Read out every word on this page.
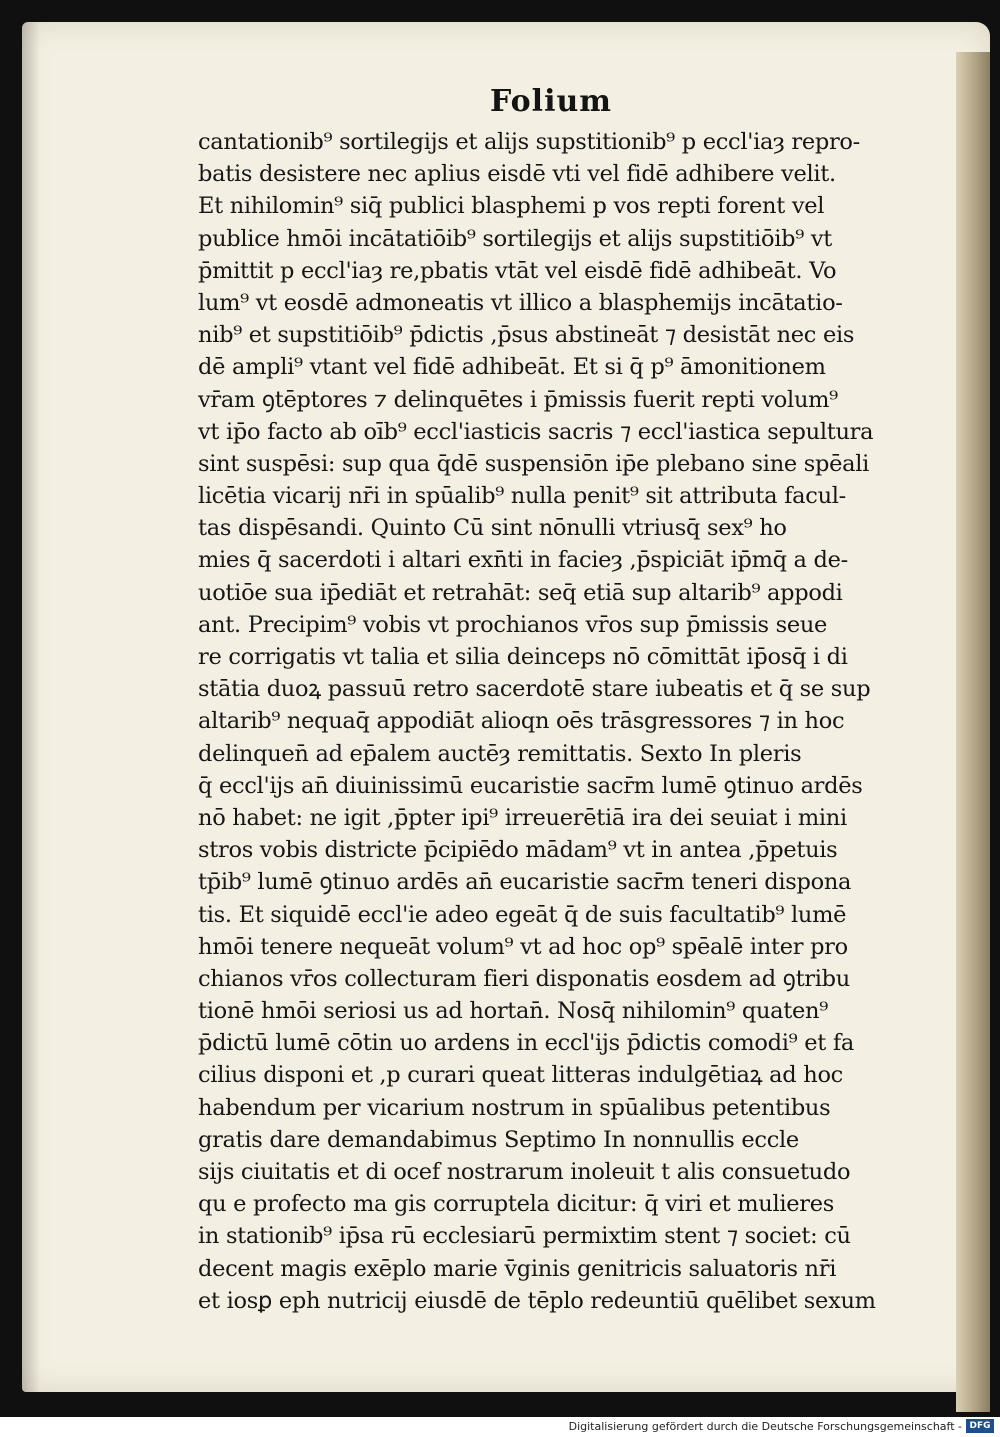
Folium
cantationib⁹ sortilegijs et alijs supstitionib⁹ p eccl'iaȝ repro-
batis desistere nec aplius eisdē vti vel fidē adhibere velit.
Et nihilomin⁹ siq̄ publici blasphemi p vos repti forent vel
publice hmōi incātatiōib⁹ sortilegijs et alijs supstitiōib⁹ vt
p̄mittit p eccl'iaȝ re,pbatis vtāt vel eisdē fidē adhibeāt. Vo
lum⁹ vt eosdē admoneatis vt illico a blasphemijs incātatio-
nib⁹ et supstitiōib⁹ p̄dictis ,p̄sus abstineāt ⁊ desistāt nec eis
dē ampli⁹ vtant vel fidē adhibeāt. Et si q̄ p⁹ āmonitionem
vr̄am ꝯtēptores ⁊ delinquētes i p̄missis fuerit repti volum⁹
vt ip̄o facto ab oīb⁹ eccl'iasticis sacris ⁊ eccl'iastica sepultura
sint suspēsi: sup qua q̄dē suspensiōn ip̄e plebano sine spēali
licētia vicarij nr̄i in spūalib⁹ nulla penit⁹ sit attributa facul-
tas dispēsandi. Quinto Cū sint nōnulli vtriusq̄ sex⁹ ho
mies q̄ sacerdoti i altari exn̄ti in facieȝ ,p̄spiciāt ip̄mq̄ a de-
uotiōe sua ip̄ediāt et retrahāt: seq̄ etiā sup altarib⁹ appodi
ant. Precipim⁹ vobis vt prochianos vr̄os sup p̄missis seue
re corrigatis vt talia et silia deinceps nō cōmittāt ip̄osq̄ i di
stātia duoꝝ passuū retro sacerdotē stare iubeatis et q̄ se sup
altarib⁹ nequaq̄ appodiāt alioqn oēs trāsgressores ⁊ in hoc
delinquen̄ ad ep̄alem auctēȝ remittatis. Sexto In pleris
q̄ eccl'ijs an̄ diuinissimū eucaristie sacr̄m lumē ꝯtinuo ardēs
nō habet: ne igit ,p̄pter ipi⁹ irreuerētiā ira dei seuiat i mini
stros vobis districte p̄cipiēdo mādam⁹ vt in antea ,p̄petuis
tp̄ib⁹ lumē ꝯtinuo ardēs an̄ eucaristie sacr̄m teneri dispona
tis. Et siquidē eccl'ie adeo egeāt q̄ de suis facultatib⁹ lumē
hmōi tenere nequeāt volum⁹ vt ad hoc op⁹ spēalē inter pro
chianos vr̄os collecturam fieri disponatis eosdem ad ꝯtribu
tionē hmōi seriosi us ad hortan̄. Nosq̄ nihilomin⁹ quaten⁹
p̄dictū lumē cōtin uo ardens in eccl'ijs p̄dictis comodi⁹ et fa
cilius disponi et ,p curari queat litteras indulgētiaꝝ ad hoc
habendum per vicarium nostrum in spūalibus petentibus
gratis dare demandabimus Septimo In nonnullis eccle
sijs ciuitatis et di ocef nostrarum inoleuit t alis consuetudo
qu e profecto ma gis corruptela dicitur: q̄ viri et mulieres
in stationib⁹ ip̄sa rū ecclesiarū permixtim stent ⁊ societ: cū
decent magis exēplo marie v̄ginis genitricis saluatoris nr̄i
et iosꝑ eph nutricij eiusdē de tēplo redeuntiū quēlibet sexum
Digitalisierung gefördert durch die Deutsche Forschungsgemeinschaft - DFG
